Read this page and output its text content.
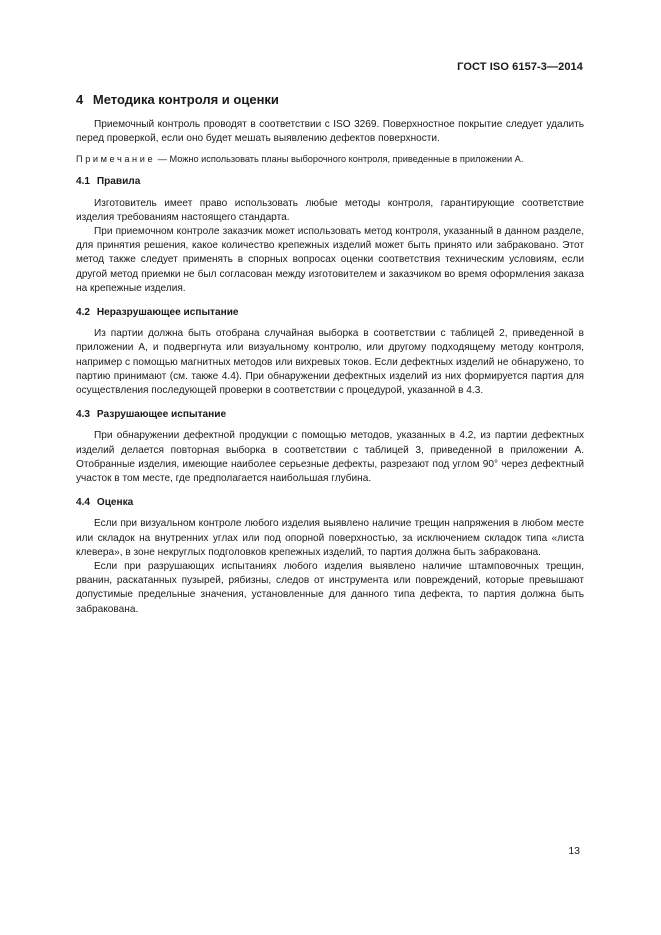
ГОСТ ISO 6157-3—2014
4 Методика контроля и оценки

Приемочный контроль проводят в соответствии с ISO 3269. Поверхностное покрытие следует удалить перед проверкой, если оно будет мешать выявлению дефектов поверхности.

Примечание — Можно использовать планы выборочного контроля, приведенные в приложении А.
4.1 Правила

Изготовитель имеет право использовать любые методы контроля, гарантирующие соответствие изделия требованиям настоящего стандарта.

При приемочном контроле заказчик может использовать метод контроля, указанный в данном разделе, для принятия решения, какое количество крепежных изделий может быть принято или забраковано. Этот метод также следует применять в спорных вопросах оценки соответствия техническим условиям, если другой метод приемки не был согласован между изготовителем и заказчиком во время оформления заказа на крепежные изделия.

4.2 Неразрушающее испытание

Из партии должна быть отобрана случайная выборка в соответствии с таблицей 2, приведенной в приложении А, и подвергнута или визуальному контролю, или другому подходящему методу контроля, например с помощью магнитных методов или вихревых токов. Если дефектных изделий не обнаружено, то партию принимают (см. также 4.4). При обнаружении дефектных изделий из них формируется партия для осуществления последующей проверки в соответствии с процедурой, указанной в 4.3.

4.3 Разрушающее испытание

При обнаружении дефектной продукции с помощью методов, указанных в 4.2, из партии дефектных изделий делается повторная выборка в соответствии с таблицей 3, приведенной в приложении А. Отобранные изделия, имеющие наиболее серьезные дефекты, разрезают под углом 90° через дефектный участок в том месте, где предполагается наибольшая глубина.

4.4 Оценка

Если при визуальном контроле любого изделия выявлено наличие трещин напряжения в любом месте или складок на внутренних углах или под опорной поверхностью, за исключением складок типа «листа клевера», в зоне некруглых подголовков крепежных изделий, то партия должна быть забракована.

Если при разрушающих испытаниях любого изделия выявлено наличие штамповочных трещин, рванин, раскатанных пузырей, рябизны, следов от инструмента или повреждений, которые превышают допустимые предельные значения, установленные для данного типа дефекта, то партия должна быть забракована.

13
